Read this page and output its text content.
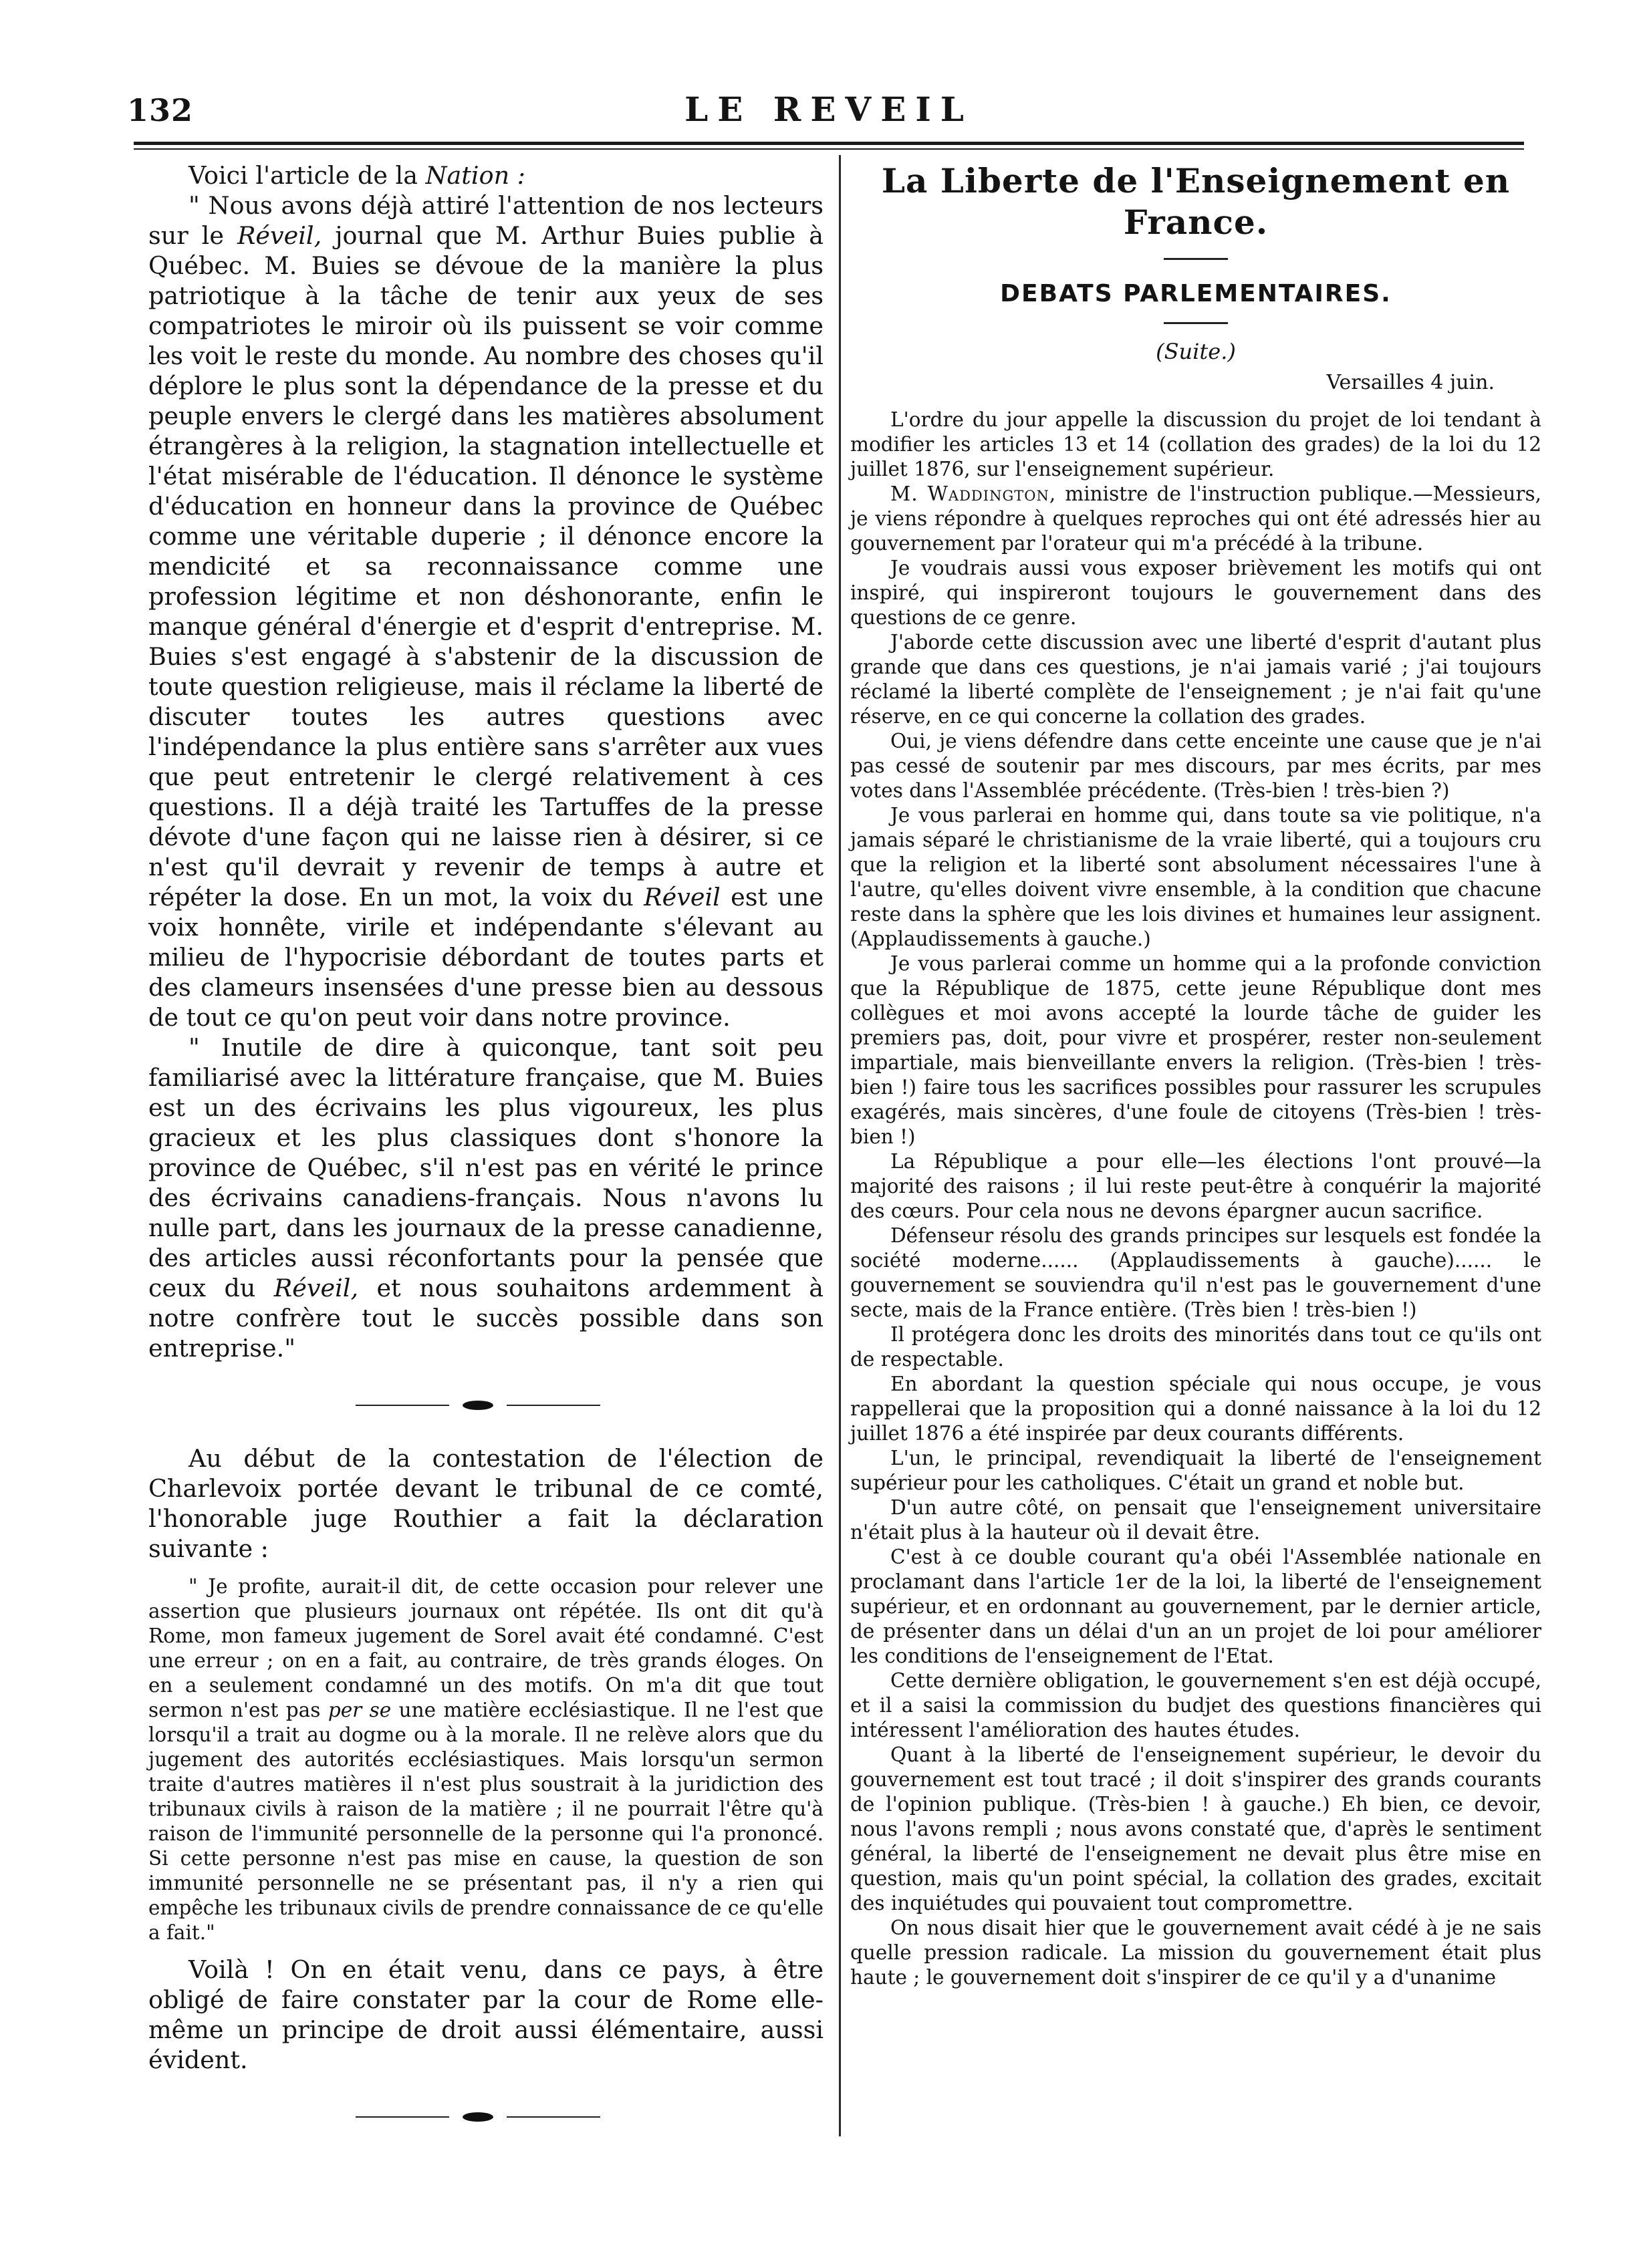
132	LE REVEIL

Voici l'article de la Nation :

" Nous avons déjà attiré l'attention de nos lecteurs sur le Réveil, journal que M. Arthur Buies publie à Québec. M. Buies se dévoue de la manière la plus patriotique à la tâche de tenir aux yeux de ses compatriotes le miroir où ils puissent se voir comme les voit le reste du monde. Au nombre des choses qu'il déplore le plus sont la dépendance de la presse et du peuple envers le clergé dans les matières absolument étrangères à la religion, la stagnation intellectuelle et l'état misérable de l'éducation. Il dénonce le système d'éducation en honneur dans la province de Québec comme une véritable duperie ; il dénonce encore la mendicité et sa reconnaissance comme une profession légitime et non déshonorante, enfin le manque général d'énergie et d'esprit d'entreprise. M. Buies s'est engagé à s'abstenir de la discussion de toute question religieuse, mais il réclame la liberté de discuter toutes les autres questions avec l'indépendance la plus entière sans s'arrêter aux vues que peut entretenir le clergé relativement à ces questions. Il a déjà traité les Tartuffes de la presse dévote d'une façon qui ne laisse rien à désirer, si ce n'est qu'il devrait y revenir de temps à autre et répéter la dose. En un mot, la voix du Réveil est une voix honnête, virile et indépendante s'élevant au milieu de l'hypocrisie débordant de toutes parts et des clameurs insensées d'une presse bien au dessous de tout ce qu'on peut voir dans notre province.

" Inutile de dire à quiconque, tant soit peu familiarisé avec la littérature française, que M. Buies est un des écrivains les plus vigoureux, les plus gracieux et les plus classiques dont s'honore la province de Québec, s'il n'est pas en vérité le prince des écrivains canadiens-français. Nous n'avons lu nulle part, dans les journaux de la presse canadienne, des articles aussi réconfortants pour la pensée que ceux du Réveil, et nous souhaitons ardemment à notre confrère tout le succès possible dans son entreprise."

Au début de la contestation de l'élection de Charlevoix portée devant le tribunal de ce comté, l'honorable juge Routhier a fait la déclaration suivante :

" Je profite, aurait-il dit, de cette occasion pour relever une assertion que plusieurs journaux ont répétée. Ils ont dit qu'à Rome, mon fameux jugement de Sorel avait été condamné. C'est une erreur ; on en a fait, au contraire, de très grands éloges. On en a seulement condamné un des motifs. On m'a dit que tout sermon n'est pas per se une matière ecclésiastique. Il ne l'est que lorsqu'il a trait au dogme ou à la morale. Il ne relève alors que du jugement des autorités ecclésiastiques. Mais lorsqu'un sermon traite d'autres matières il n'est plus soustrait à la juridiction des tribunaux civils à raison de la matière ; il ne pourrait l'être qu'à raison de l'immunité personnelle de la personne qui l'a prononcé. Si cette personne n'est pas mise en cause, la question de son immunité personnelle ne se présentant pas, il n'y a rien qui empêche les tribunaux civils de prendre connaissance de ce qu'elle a fait."

Voilà ! On en était venu, dans ce pays, à être obligé de faire constater par la cour de Rome elle-même un principe de droit aussi élémentaire, aussi évident.

La Liberte de l'Enseignement en France.
DEBATS PARLEMENTAIRES.
(Suite.)
Versailles 4 juin.

L'ordre du jour appelle la discussion du projet de loi tendant à modifier les articles 13 et 14 (collation des grades) de la loi du 12 juillet 1876, sur l'enseignement supérieur.

M. Waddington, ministre de l'instruction publique.—Messieurs, je viens répondre à quelques reproches qui ont été adressés hier au gouvernement par l'orateur qui m'a précédé à la tribune.

Je voudrais aussi vous exposer brièvement les motifs qui ont inspiré, qui inspireront toujours le gouvernement dans des questions de ce genre.

J'aborde cette discussion avec une liberté d'esprit d'autant plus grande que dans ces questions, je n'ai jamais varié ; j'ai toujours réclamé la liberté complète de l'enseignement ; je n'ai fait qu'une réserve, en ce qui concerne la collation des grades.

Oui, je viens défendre dans cette enceinte une cause que je n'ai pas cessé de soutenir par mes discours, par mes écrits, par mes votes dans l'Assemblée précédente. (Très-bien ! très-bien ?)

Je vous parlerai en homme qui, dans toute sa vie politique, n'a jamais séparé le christianisme de la vraie liberté, qui a toujours cru que la religion et la liberté sont absolument nécessaires l'une à l'autre, qu'elles doivent vivre ensemble, à la condition que chacune reste dans la sphère que les lois divines et humaines leur assignent. (Applaudissements à gauche.)

Je vous parlerai comme un homme qui a la profonde conviction que la République de 1875, cette jeune République dont mes collègues et moi avons accepté la lourde tâche de guider les premiers pas, doit, pour vivre et prospérer, rester non-seulement impartiale, mais bienveillante envers la religion. (Très-bien ! très-bien !) faire tous les sacrifices possibles pour rassurer les scrupules exagérés, mais sincères, d'une foule de citoyens (Très-bien ! très-bien !)

La République a pour elle—les élections l'ont prouvé—la majorité des raisons ; il lui reste peut-être à conquérir la majorité des cœurs. Pour cela nous ne devons épargner aucun sacrifice.

Défenseur résolu des grands principes sur lesquels est fondée la société moderne...... (Applaudissements à gauche)...... le gouvernement se souviendra qu'il n'est pas le gouvernement d'une secte, mais de la France entière. (Très bien ! très-bien !)

Il protégera donc les droits des minorités dans tout ce qu'ils ont de respectable.

En abordant la question spéciale qui nous occupe, je vous rappellerai que la proposition qui a donné naissance à la loi du 12 juillet 1876 a été inspirée par deux courants différents.

L'un, le principal, revendiquait la liberté de l'enseignement supérieur pour les catholiques. C'était un grand et noble but.

D'un autre côté, on pensait que l'enseignement universitaire n'était plus à la hauteur où il devait être.

C'est à ce double courant qu'a obéi l'Assemblée nationale en proclamant dans l'article 1er de la loi, la liberté de l'enseignement supérieur, et en ordonnant au gouvernement, par le dernier article, de présenter dans un délai d'un an un projet de loi pour améliorer les conditions de l'enseignement de l'Etat.

Cette dernière obligation, le gouvernement s'en est déjà occupé, et il a saisi la commission du budjet des questions financières qui intéressent l'amélioration des hautes études.

Quant à la liberté de l'enseignement supérieur, le devoir du gouvernement est tout tracé ; il doit s'inspirer des grands courants de l'opinion publique. (Très-bien ! à gauche.) Eh bien, ce devoir, nous l'avons rempli ; nous avons constaté que, d'après le sentiment général, la liberté de l'enseignement ne devait plus être mise en question, mais qu'un point spécial, la collation des grades, excitait des inquiétudes qui pouvaient tout compromettre.

On nous disait hier que le gouvernement avait cédé à je ne sais quelle pression radicale. La mission du gouvernement était plus haute ; le gouvernement doit s'inspirer de ce qu'il y a d'unanime
